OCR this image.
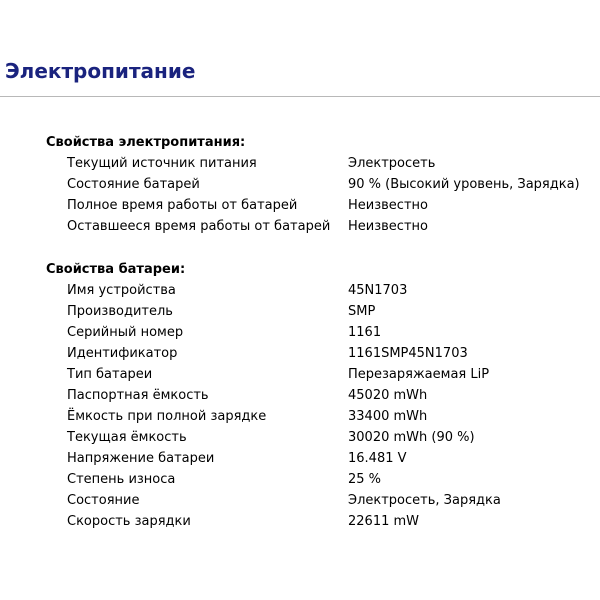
Электропитание
Свойства электропитания:
Текущий источник питания	Электросеть
Состояние батарей	90 % (Высокий уровень, Зарядка)
Полное время работы от батарей	Неизвестно
Оставшееся время работы от батарей Неизвестно
Свойства батареи:
Имя устройства	45N1703
Производитель	SMP
Серийный номер	1161
Идентификатор	1161SMP45N1703
Тип батареи	Перезаряжаемая LiP
Паспортная ёмкость	45020 mWh
Ёмкость при полной зарядке	33400 mWh
Текущая ёмкость	30020 mWh (90 %)
Напряжение батареи	16.481 V
Степень износа	25 %
Состояние	Электросеть, Зарядка
Скорость зарядки	22611 mW
